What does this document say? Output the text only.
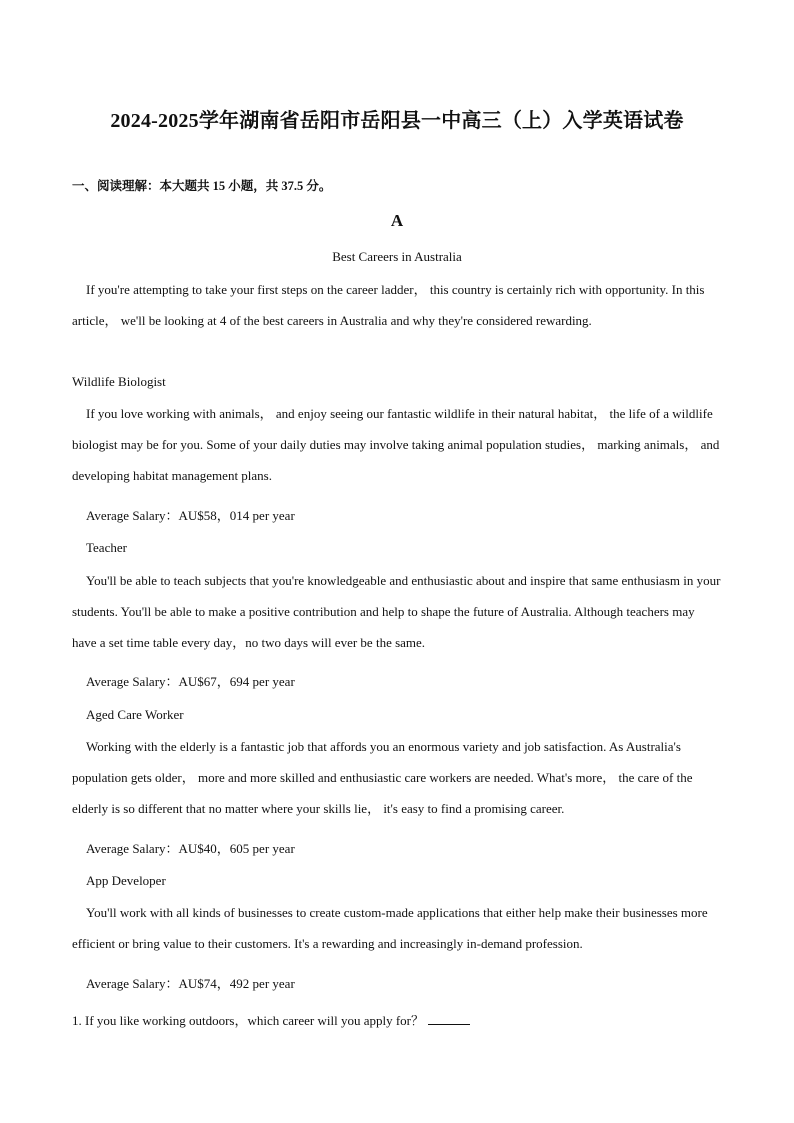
2024-2025学年湖南省岳阳市岳阳县一中高三（上）入学英语试卷
一、阅读理解：本大题共 15 小题，共 37.5 分。
A
Best Careers in Australia

If you're attempting to take your first steps on the career ladder， this country is certainly rich with opportunity. In this article， we'll be looking at 4 of the best careers in Australia and why they're considered rewarding.

Wildlife Biologist

If you love working with animals， and enjoy seeing our fantastic wildlife in their natural habitat， the life of a wildlife biologist may be for you. Some of your daily duties may involve taking animal population studies， marking animals， and developing habitat management plans.

Average Salary：AU$58，014 per year
Teacher

You'll be able to teach subjects that you're knowledgeable and enthusiastic about and inspire that same enthusiasm in your students. You'll be able to make a positive contribution and help to shape the future of Australia. Although teachers may have a set time table every day，no two days will ever be the same.

Average Salary：AU$67，694 per year
Aged Care Worker

Working with the elderly is a fantastic job that affords you an enormous variety and job satisfaction. As Australia's population gets older， more and more skilled and enthusiastic care workers are needed. What's more， the care of the elderly is so different that no matter where your skills lie， it's easy to find a promising career.

Average Salary：AU$40，605 per year
App Developer

You'll work with all kinds of businesses to create custom-made applications that either help make their businesses more efficient or bring value to their customers. It's a rewarding and increasingly in-demand profession.

Average Salary：AU$74，492 per year
1. If you like working outdoors，which career will you apply for？
